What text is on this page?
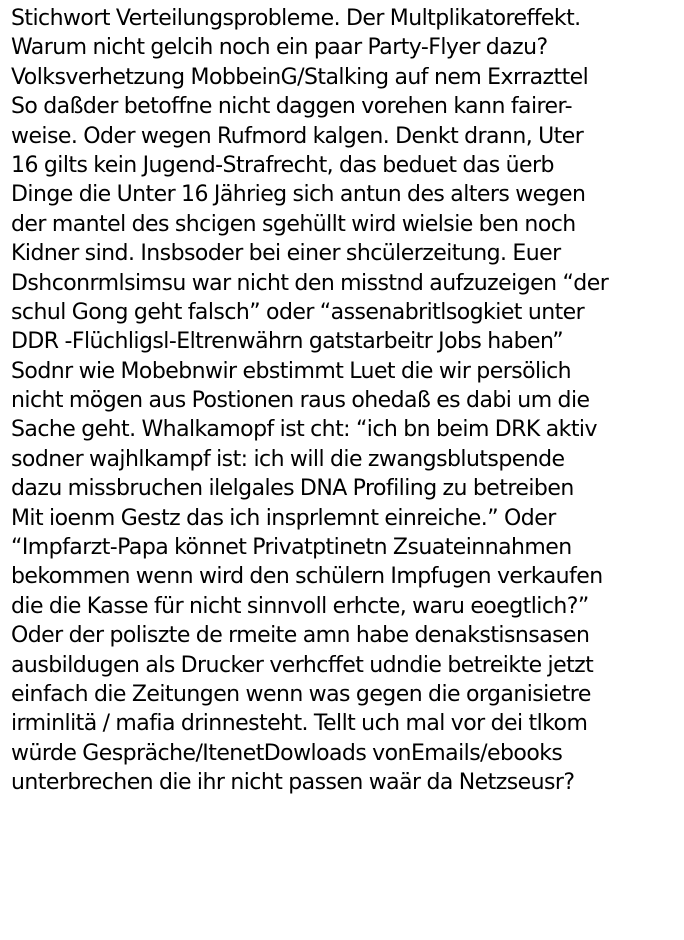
Stichwort Verteilungsprobleme. Der Multplikatoreffekt.
Warum nicht gelcih noch ein paar Party-Flyer dazu?
Volksverhetzung MobbeinG/Stalking auf nem Exrrazttel
So daßder betoffne nicht daggen vorehen kann fairer-
weise. Oder wegen Rufmord kalgen. Denkt drann, Uter
16 gilts kein Jugend-Strafrecht, das beduet das üerb
Dinge die Unter 16 Jährieg sich antun des alters wegen
der mantel des shcigen sgehüllt wird wielsie ben noch
Kidner sind. Insbsoder bei einer shcülerzeitung. Euer
Dshconrmlsimsu war nicht den misstnd aufzuzeigen “der
schul Gong geht falsch” oder “assenabritlsogkiet unter
DDR -Flüchligsl-Eltrenwährn gatstarbeitr Jobs haben”
Sodnr wie Mobebnwir ebstimmt Luet die wir persölich
nicht mögen aus Postionen raus ohedaß es dabi um die
Sache geht. Whalkamopf ist cht: “ich bn beim DRK aktiv
sodner wajhlkampf ist: ich will die zwangsblutspende
dazu missbruchen ilelgales DNA Profiling zu betreiben
Mit ioenm Gestz das ich insprlemnt einreiche.” Oder
“Impfarzt-Papa könnet Privatptinetn Zsuateinnahmen
bekommen wenn wird den schülern Impfugen verkaufen
die die Kasse für nicht sinnvoll erhcte, waru eoegtlich?”
Oder der poliszte de rmeite amn habe denakstisnsasen
ausbildugen als Drucker verhcffet udndie betreikte jetzt
einfach die Zeitungen wenn was gegen die organisietre
irminlitä / mafia drinnesteht. Tellt uch mal vor dei tlkom
würde Gespräche/ItenetDowloads vonEmails/ebooks
unterbrechen die ihr nicht passen waär da Netzseusr?
